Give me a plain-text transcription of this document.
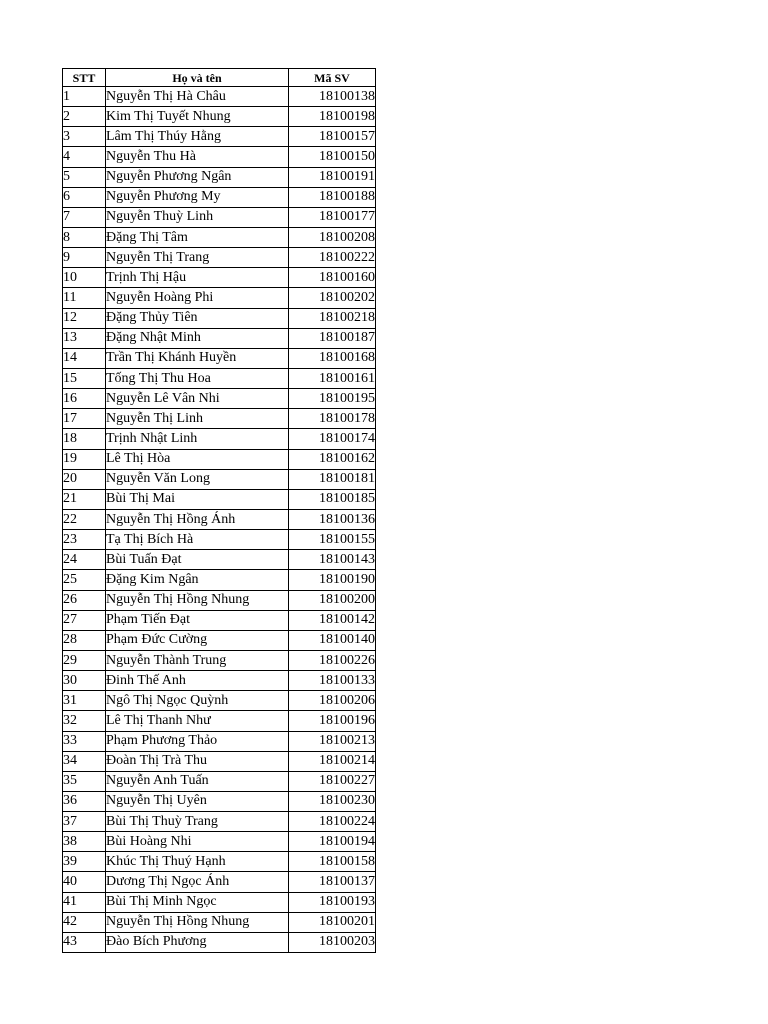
STT	Họ và tên	Mã SV
1	Nguyễn Thị Hà Châu	18100138
2	Kim Thị Tuyết Nhung	18100198
3	Lâm Thị Thúy Hằng	18100157
4	Nguyễn Thu Hà	18100150
5	Nguyễn Phương Ngân	18100191
6	Nguyễn Phương My	18100188
7	Nguyễn Thuỳ Linh	18100177
8	Đặng Thị Tâm	18100208
9	Nguyễn Thị Trang	18100222
10	Trịnh Thị Hậu	18100160
11	Nguyễn Hoàng Phi	18100202
12	Đặng Thủy Tiên	18100218
13	Đặng Nhật Minh	18100187
14	Trần Thị Khánh Huyền	18100168
15	Tống Thị Thu Hoa	18100161
16	Nguyễn Lê Vân Nhi	18100195
17	Nguyễn Thị Linh	18100178
18	Trịnh Nhật Linh	18100174
19	Lê Thị Hòa	18100162
20	Nguyễn Văn Long	18100181
21	Bùi Thị Mai	18100185
22	Nguyễn Thị Hồng Ánh	18100136
23	Tạ Thị Bích Hà	18100155
24	Bùi Tuấn Đạt	18100143
25	Đặng Kim Ngân	18100190
26	Nguyễn Thị Hồng Nhung	18100200
27	Phạm Tiến Đạt	18100142
28	Phạm Đức Cường	18100140
29	Nguyễn Thành Trung	18100226
30	Đinh Thế Anh	18100133
31	Ngô Thị Ngọc Quỳnh	18100206
32	Lê Thị Thanh Như	18100196
33	Phạm Phương Thảo	18100213
34	Đoàn Thị Trà Thu	18100214
35	Nguyễn Anh Tuấn	18100227
36	Nguyễn Thị Uyên	18100230
37	Bùi Thị Thuỳ Trang	18100224
38	Bùi Hoàng Nhi	18100194
39	Khúc Thị Thuý Hạnh	18100158
40	Dương Thị Ngọc Ánh	18100137
41	Bùi Thị Minh Ngọc	18100193
42	Nguyễn Thị Hồng Nhung	18100201
43	Đào Bích Phương	18100203
